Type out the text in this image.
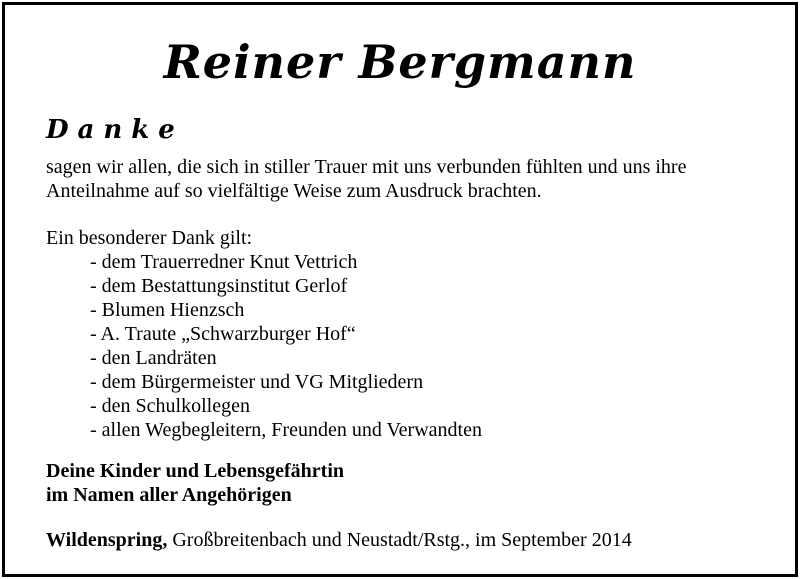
Reiner Bergmann
Danke
sagen wir allen, die sich in stiller Trauer mit uns verbunden fühlten und uns ihre
Anteilnahme auf so vielfältige Weise zum Ausdruck brachten.
Ein besonderer Dank gilt:
- dem Trauerredner Knut Vettrich
- dem Bestattungsinstitut Gerlof
- Blumen Hienzsch
- A. Traute „Schwarzburger Hof“
- den Landräten
- dem Bürgermeister und VG Mitgliedern
- den Schulkollegen
- allen Wegbegleitern, Freunden und Verwandten
Deine Kinder und Lebensgefährtin
im Namen aller Angehörigen
Wildenspring, Großbreitenbach und Neustadt/Rstg., im September 2014
